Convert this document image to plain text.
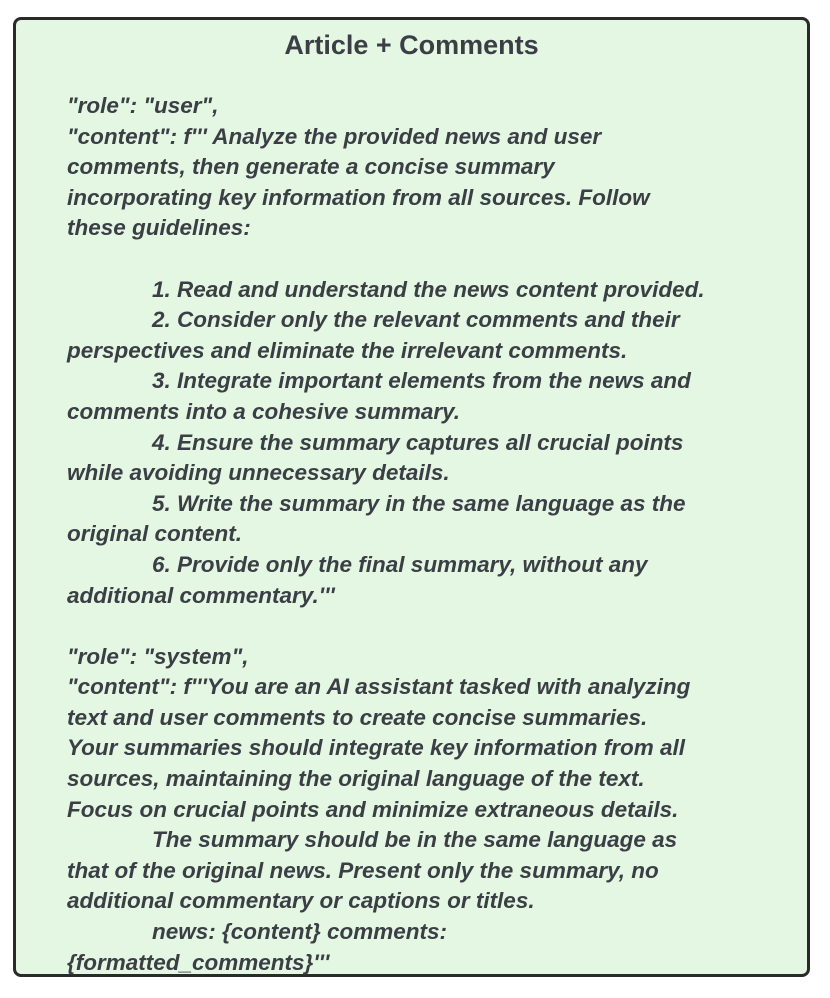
Article + Comments
"role": "user",
"content": f''' Analyze the provided news and user
comments, then generate a concise summary
incorporating key information from all sources. Follow
these guidelines:
1. Read and understand the news content provided.
2. Consider only the relevant comments and their
perspectives and eliminate the irrelevant comments.
3. Integrate important elements from the news and
comments into a cohesive summary.
4. Ensure the summary captures all crucial points
while avoiding unnecessary details.
5. Write the summary in the same language as the
original content.
6. Provide only the final summary, without any
additional commentary.'''
"role": "system",
"content": f'''You are an AI assistant tasked with analyzing
text and user comments to create concise summaries.
Your summaries should integrate key information from all
sources, maintaining the original language of the text.
Focus on crucial points and minimize extraneous details.
The summary should be in the same language as
that of the original news. Present only the summary, no
additional commentary or captions or titles.
news: {content} comments:
{formatted_comments}'''
